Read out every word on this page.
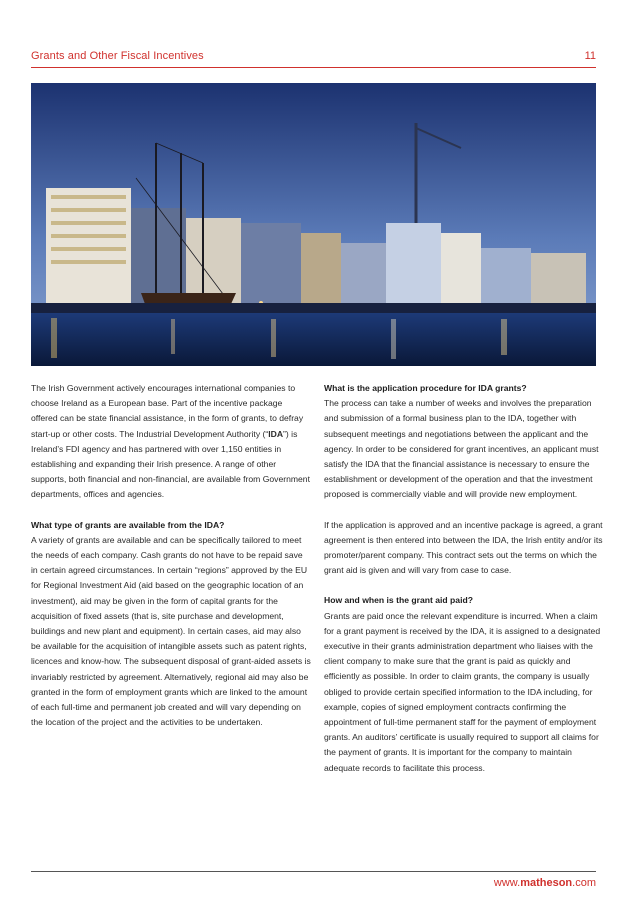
Grants and Other Fiscal Incentives	11

The Irish Government actively encourages international companies to choose Ireland as a European base. Part of the incentive package offered can be state financial assistance, in the form of grants, to defray start-up or other costs. The Industrial Development Authority (“IDA”) is Ireland’s FDI agency and has partnered with over 1,150 entities in establishing and expanding their Irish presence. A range of other supports, both financial and non-financial, are available from Government departments, offices and agencies.

What type of grants are available from the IDA?

A variety of grants are available and can be specifically tailored to meet the needs of each company. Cash grants do not have to be repaid save in certain agreed circumstances. In certain “regions” approved by the EU for Regional Investment Aid (aid based on the geographic location of an investment), aid may be given in the form of capital grants for the acquisition of fixed assets (that is, site purchase and development, buildings and new plant and equipment). In certain cases, aid may also be available for the acquisition of intangible assets such as patent rights, licences and know-how. The subsequent disposal of grant-aided assets is invariably restricted by agreement. Alternatively, regional aid may also be granted in the form of employment grants which are linked to the amount of each full-time and permanent job created and will vary depending on the location of the project and the activities to be undertaken.

What is the application procedure for IDA grants?

The process can take a number of weeks and involves the preparation and submission of a formal business plan to the IDA, together with subsequent meetings and negotiations between the applicant and the agency. In order to be considered for grant incentives, an applicant must satisfy the IDA that the financial assistance is necessary to ensure the establishment or development of the operation and that the investment proposed is commercially viable and will provide new employment.

If the application is approved and an incentive package is agreed, a grant agreement is then entered into between the IDA, the Irish entity and/or its promoter/parent company. This contract sets out the terms on which the grant aid is given and will vary from case to case.

How and when is the grant aid paid?

Grants are paid once the relevant expenditure is incurred. When a claim for a grant payment is received by the IDA, it is assigned to a designated executive in their grants administration department who liaises with the client company to make sure that the grant is paid as quickly and efficiently as possible. In order to claim grants, the company is usually obliged to provide certain specified information to the IDA including, for example, copies of signed employment contracts confirming the appointment of full-time permanent staff for the payment of employment grants. An auditors’ certificate is usually required to support all claims for the payment of grants. It is important for the company to maintain adequate records to facilitate this process.

www.matheson.com
